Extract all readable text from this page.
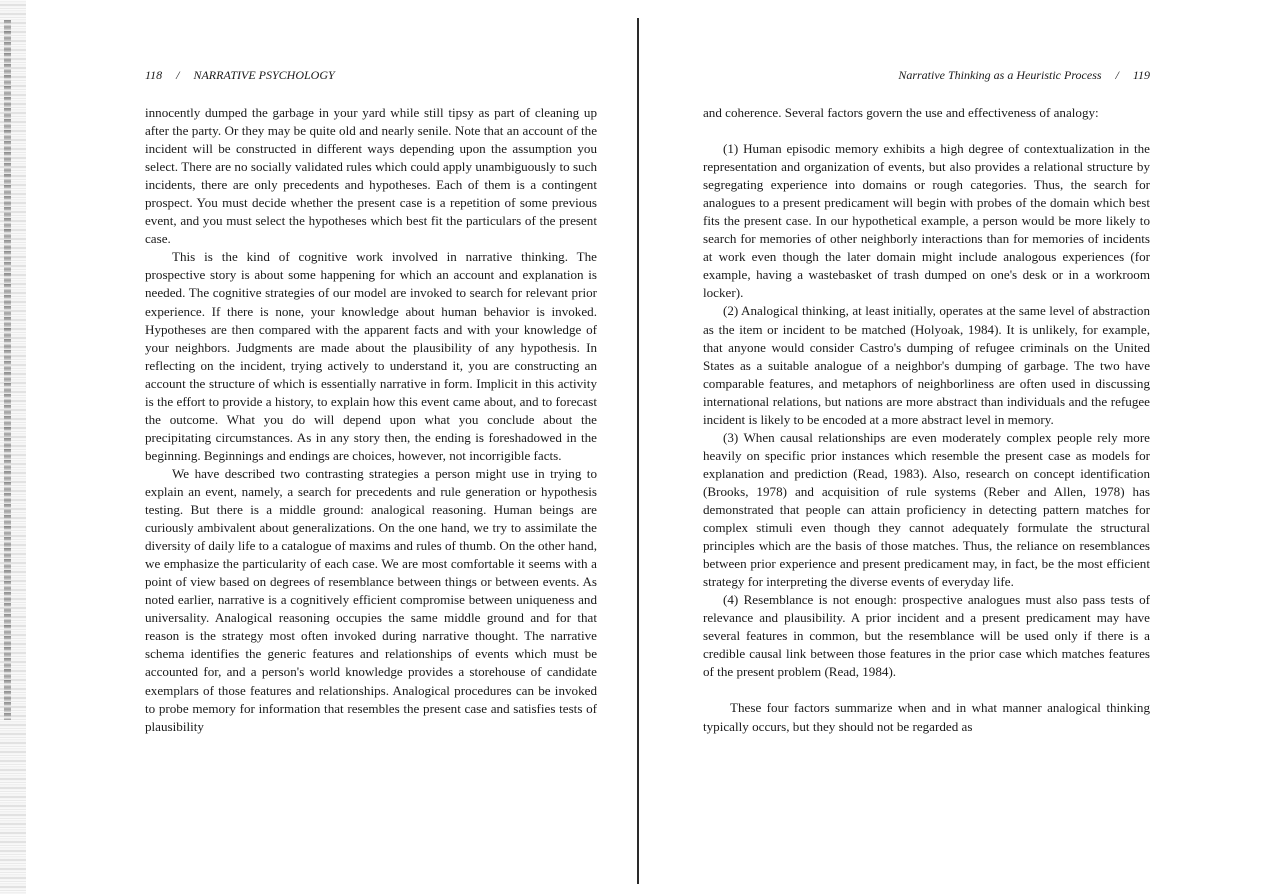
118 / NARRATIVE PSYCHOLOGY

innocently dumped the garbage in your yard while still tipsy as part of cleaning up after the party. Or they may be quite old and nearly senile. Note that an account of the incident will be constructed in different ways depending upon the assumption you select. There are no socially validated rules which could apply unambiguously to such incidents, there are only precedents and hypotheses. Each of them is a contingent prospect. You must decide whether the present case is a repetition of some previous event, and you must select the hypotheses which best fit the particulars of the present case.

This is the kind of cognitive work involved in narrative thinking. The prospective story is about some happening for which an account and explanation is needed. The cognitive strategies of our model are invoked to search for relevant prior experience. If there is none, your knowledge about human behavior is invoked. Hypotheses are then compared with the apparent facts and with your knowledge of your neighbors. Judgments are made about the plausibility of any hypothesis. In reflecting on the incident, trying actively to understand it, you are constructing an account the structure of which is essentially narrative in form. Implicit in this activity is the effort to provide a history, to explain how this event came about, and to forecast the outcome. What you do will depend upon what you conclude about the precipitating circumstances. As in any story then, the ending is foreshadowed in the beginning. Beginnings and endings are choices, however, not incorrigible facts.

We have described two contrasting strategies a person might use in trying to explain an event, namely, a search for precedents and rule generation or hypothesis testing. But there is a middle ground: analogical reasoning. Human beings are curiously ambivalent about generalizations. On the one hand, we try to assimilate the diversity of daily life to a catalogue of maxims and rules of thumb. On the other hand, we emphasize the particularity of each case. We are most comfortable it seems with a point of view based on degrees of resemblance between things or between events. As noted earlier, narrative is a cognitively efficient compromise between uniqueness and universality. Analogical reasoning occupies the same middle ground and for that reason is the strategy most often invoked during narrative thought. The narrative schema identifies the generic features and relationships of events which must be accounted for, and a person's world knowledge provides a storehouse of candidate exemplars of those features and relationships. Analogical procedures can be invoked to probe memory for information that resembles the present case and satisfies tests of plausibility

Narrative Thinking as a Heuristic Process / 119

and coherence. Several factors govern the use and effectiveness of analogy:

(1) Human episodic memory exhibits a high degree of contextualization in the representation and organization of events, but also provides a relational structure by segregating experience into domains or rough categories. Thus, the search for analogues to a present predicament will begin with probes of the domain which best fits the present case. In our hypothetical example, a person would be more likely to search for memories of other neighborly interactions than for memories of incidents at work even though the later domain might include analogous experiences (for example, having a wastebasket of trash dumped on one's desk or in a workroom locker).

(2) Analogical thinking, at least initially, operates at the same level of abstraction as the item or incident to be matched (Holyoak, 1984). It is unlikely, for example, that anyone would consider Castro's dumping of refugee criminals on the United States as a suitable analogue of a neighbor's dumping of garbage. The two have comparable features, and metaphors of neighborliness are often used in discussing international relations, but nations are more abstract than individuals and the refugee incident is likely to be encoded at a more abstract level in memory.

(3) When causal relationships are even moderately complex people rely more heavily on specific prior instances which resemble the present case as models for explanation and prediction (Read, 1983). Also, research on concept identification (Brooks, 1978) and acquisition of rule systems (Reber and Allen, 1978) has demonstrated that people can attain proficiency in detecting pattern matches for complex stimuli even though they cannot adequately formulate the structural principles which are the basis of those matches. Thus, the reliance on resemblances between prior experience and present predicament may, in fact, be the most efficient strategy for interpreting the diverse events of everyday life.

(4) Resemblance is not enough: prospective analogues must also pass tests of relevance and plausibility. A prior incident and a present predicament may have several features in common, but the resemblance will be used only if there is a credible causal link between those features in the prior case which matches features of the present problem (Read, 1984).

These four factors summarize when and in what manner analogical thinking typically occurs, but they should not be regarded as
